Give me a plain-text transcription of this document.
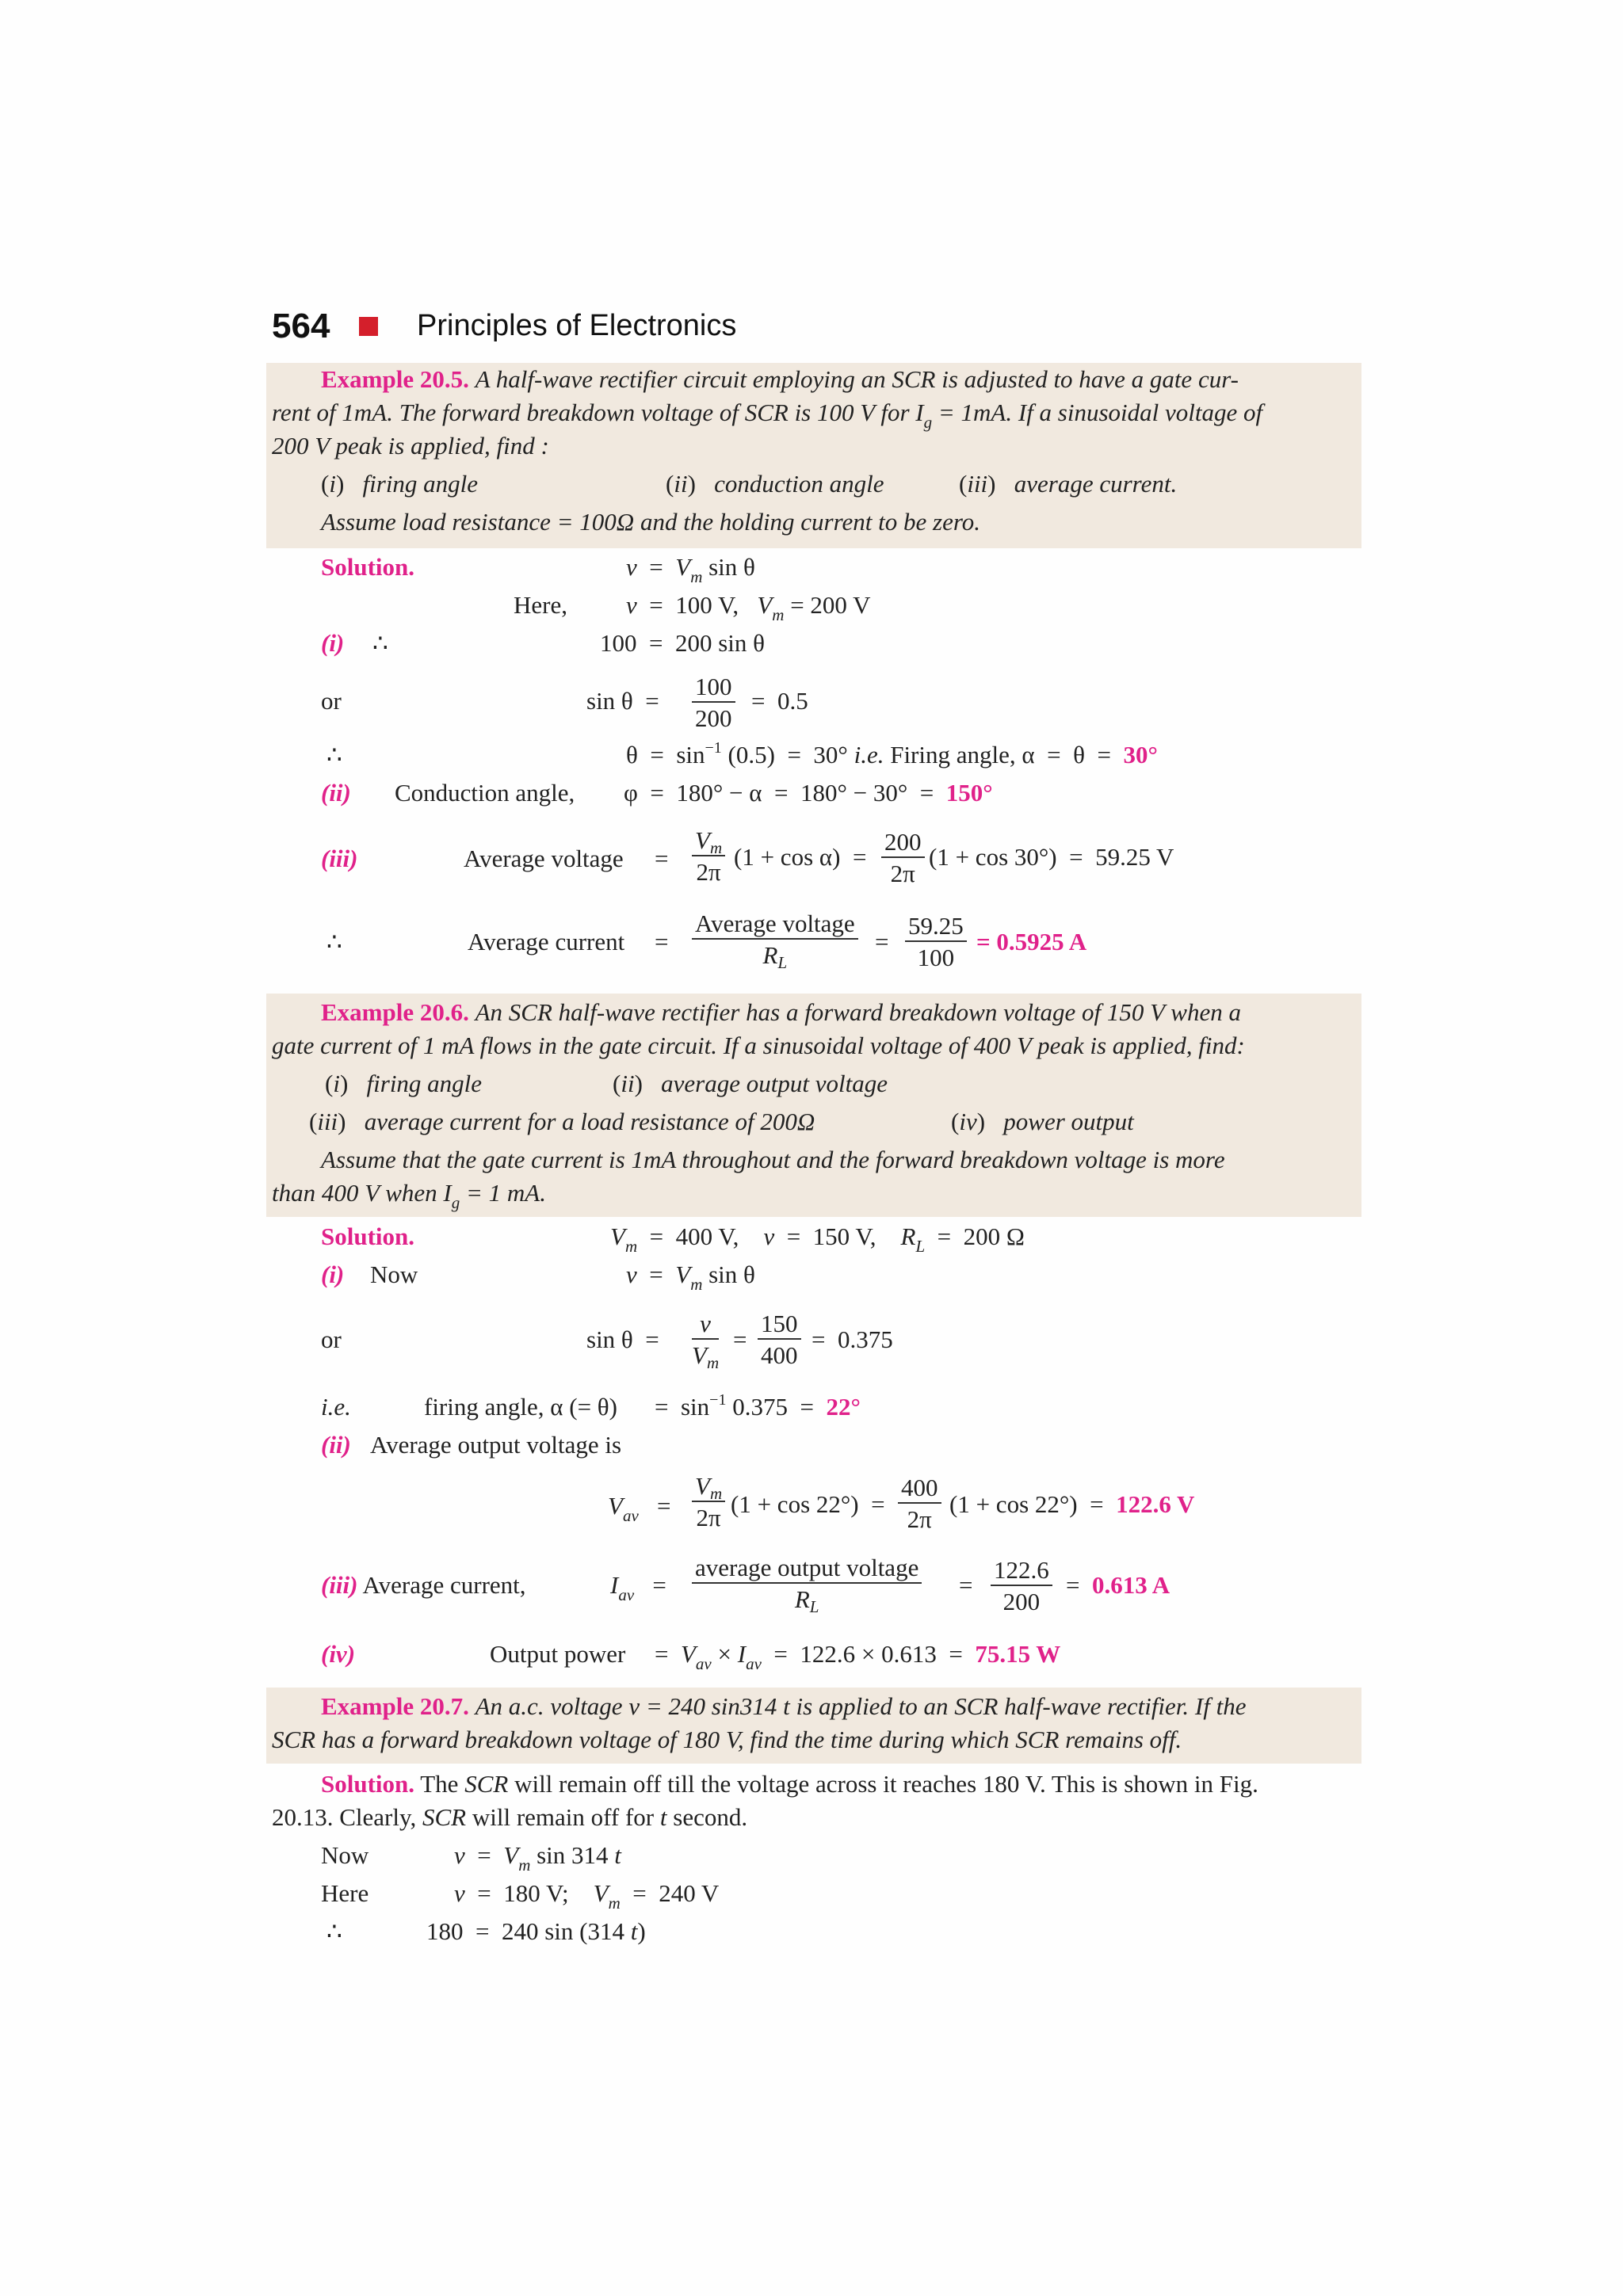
564	Principles of Electronics
Example 20.5. A half-wave rectifier circuit employing an SCR is adjusted to have a gate cur-
rent of 1mA. The forward breakdown voltage of SCR is 100 V for $I_g = 1mA$. If a sinusoidal voltage of
200 V peak is applied, find :
(i)   firing angle	(ii)   conduction angle	(iii)   average current.
Assume load resistance = 100Ω and the holding current to be zero.
Solution.	$v = V_m$ sin θ
Here, v  =  100 V,   $V_m = 200$ V
(i) ∴	100  =  200 sin θ
or	sin θ  =
100
200
=  0.5
∴	$\theta = \sin^{-1} (0.5) = 30^\circ$ i.e. Firing angle, α  =  θ  =  30°
(ii) Conduction angle, φ  =  180° − α  =  180° − 30°  =  150°
(iii)	Average voltage =
Vm
2π
(1 + cos α)  =
200
2π
(1 + cos 30°)  =  59.25 V
∴	Average current =
Average voltage
RL
=
59.25
100
= 0.5925 A
Example 20.6. An SCR half-wave rectifier has a forward breakdown voltage of 150 V when a
gate current of 1 mA flows in the gate circuit. If a sinusoidal voltage of 400 V peak is applied, find:
(i)   firing angle	(ii)   average output voltage
(iii)   average current for a load resistance of 200Ω	(iv)   power output
Assume that the gate current is 1mA throughout and the forward breakdown voltage is more
than 400 V when $I_g = 1$ mA.
Solution.	$V_m = 400$ V,    v  =  150 V,    $R_L = 200$ Ω
(i) Now	$v = V_m$ sin θ
or	sin θ  =
v
Vm
=
150
400
=  0.375
i.e.	firing angle, α (= $\theta) = \sin^{-1} 0.375 = 22^\circ$
(ii) Average output voltage is
$V_{av}$   =
Vm
2π (1 + cos 22°)  =
400
2π
(1 + cos 22°)  =  122.6 V
(iii) Average current,	$I_{av}$   =
average output voltage
RL
=
122.6
200
=  0.613 A
(iv)	Output power =  $V_{av} \times I_{av} = 122.6 \times 0.613 = 75.15$ W
Example 20.7. An a.c. voltage v = 240 sin314 t is applied to an SCR half-wave rectifier. If the
SCR has a forward breakdown voltage of 180 V, find the time during which SCR remains off.
Solution. The SCR will remain off till the voltage across it reaches 180 V. This is shown in Fig.
20.13. Clearly, SCR will remain off for t second.
Now	$v = V_m$ sin 314 t
Here	v  =  180 V;    $V_m = 240$ V
∴	180  =  240 sin (314 t)
